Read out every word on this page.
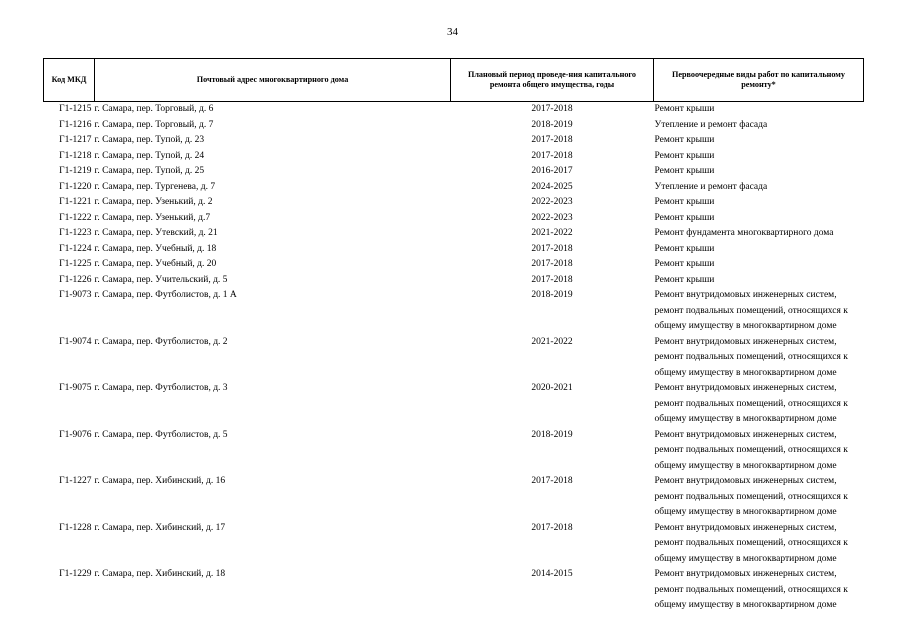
34
Код МКД	Почтовый адрес многоквартирного дома	Плановый период проведе-ния капитального ремонта общего имущества, годы	Первоочередные виды работ по капитальному ремонту*
Г1-1215	г. Самара, пер. Торговый, д. 6	2017-2018	Ремонт крыши

Г1-1216	г. Самара, пер. Торговый, д. 7	2018-2019	Утепление и ремонт фасада

Г1-1217	г. Самара, пер. Тупой, д. 23	2017-2018	Ремонт крыши

Г1-1218	г. Самара, пер. Тупой, д. 24	2017-2018	Ремонт крыши

Г1-1219	г. Самара, пер. Тупой, д. 25	2016-2017	Ремонт крыши

Г1-1220	г. Самара, пер. Тургенева, д. 7	2024-2025	Утепление и ремонт фасада

Г1-1221	г. Самара, пер. Узенький, д. 2	2022-2023	Ремонт крыши

Г1-1222	г. Самара, пер. Узенький, д.7	2022-2023	Ремонт крыши

Г1-1223	г. Самара, пер. Утевский, д. 21	2021-2022	Ремонт фундамента многоквартирного дома

Г1-1224	г. Самара, пер. Учебный, д. 18	2017-2018	Ремонт крыши

Г1-1225	г. Самара, пер. Учебный, д. 20	2017-2018	Ремонт крыши

Г1-1226	г. Самара, пер. Учительский, д. 5	2017-2018	Ремонт крыши

Г1-9073	г. Самара, пер. Футболистов, д. 1 А	2018-2019	Ремонт внутридомовых инженерных систем,
ремонт подвальных помещений, относящихся к
общему имуществу в многоквартирном доме

Г1-9074	г. Самара, пер. Футболистов, д. 2	2021-2022	Ремонт внутридомовых инженерных систем,
ремонт подвальных помещений, относящихся к
общему имуществу в многоквартирном доме

Г1-9075	г. Самара, пер. Футболистов, д. 3	2020-2021	Ремонт внутридомовых инженерных систем,
ремонт подвальных помещений, относящихся к
общему имуществу в многоквартирном доме

Г1-9076	г. Самара, пер. Футболистов, д. 5	2018-2019	Ремонт внутридомовых инженерных систем,
ремонт подвальных помещений, относящихся к
общему имуществу в многоквартирном доме

Г1-1227	г. Самара, пер. Хибинский, д. 16	2017-2018	Ремонт внутридомовых инженерных систем,
ремонт подвальных помещений, относящихся к
общему имуществу в многоквартирном доме

Г1-1228	г. Самара, пер. Хибинский, д. 17	2017-2018	Ремонт внутридомовых инженерных систем,
ремонт подвальных помещений, относящихся к
общему имуществу в многоквартирном доме

Г1-1229	г. Самара, пер. Хибинский, д. 18	2014-2015	Ремонт внутридомовых инженерных систем,
ремонт подвальных помещений, относящихся к
общему имуществу в многоквартирном доме
